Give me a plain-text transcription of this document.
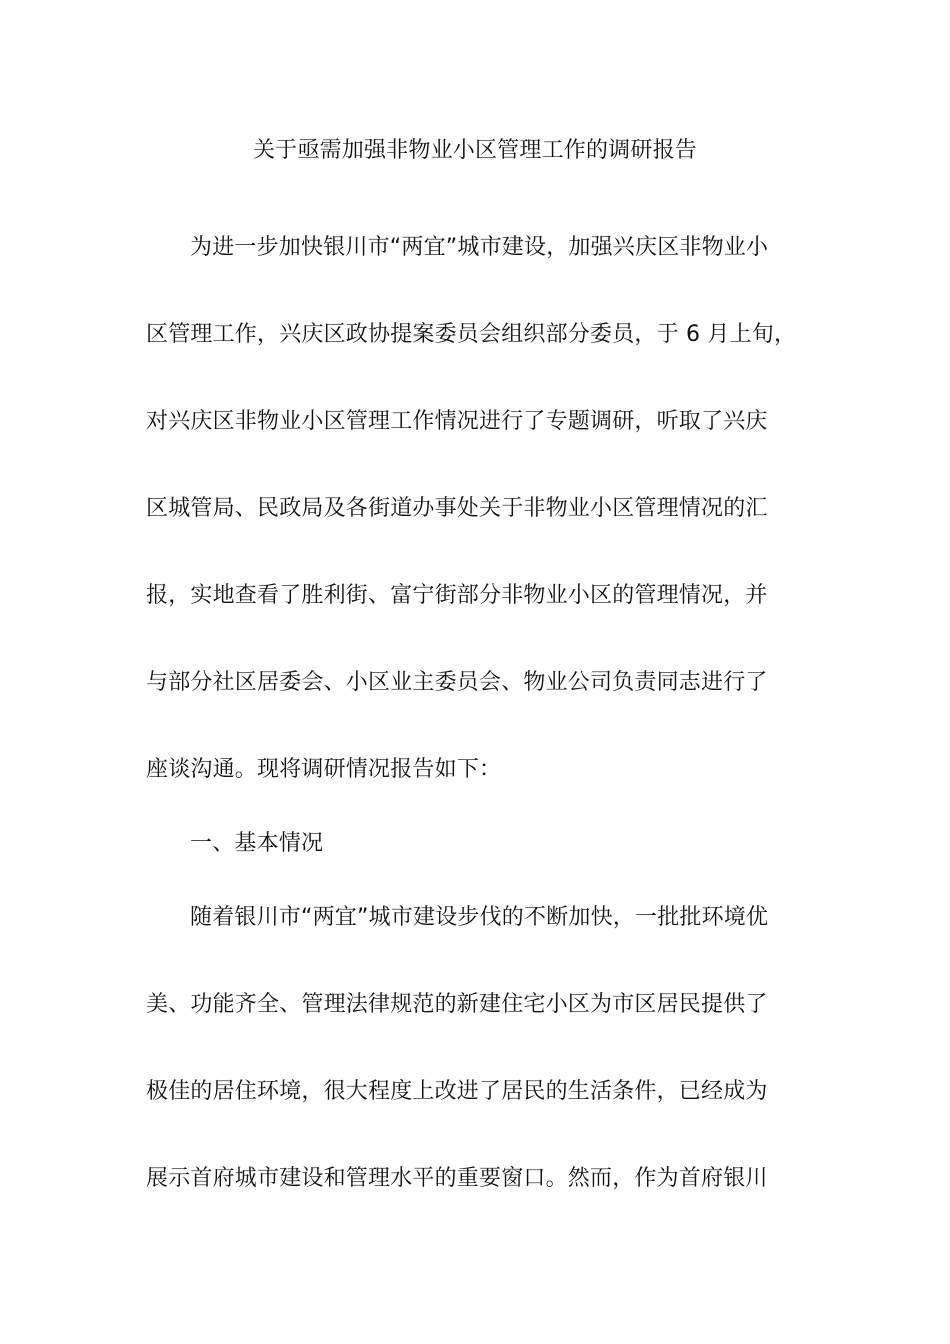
关于亟需加强非物业小区管理工作的调研报告
为进一步加快银川市“两宜”城市建设，加强兴庆区非物业小
区管理工作，兴庆区政协提案委员会组织部分委员，于 6 月上旬，
对兴庆区非物业小区管理工作情况进行了专题调研，听取了兴庆
区城管局、民政局及各街道办事处关于非物业小区管理情况的汇
报，实地查看了胜利街、富宁街部分非物业小区的管理情况，并
与部分社区居委会、小区业主委员会、物业公司负责同志进行了
座谈沟通。现将调研情况报告如下：
一、基本情况
随着银川市“两宜”城市建设步伐的不断加快，一批批环境优
美、功能齐全、管理法律规范的新建住宅小区为市区居民提供了
极佳的居住环境，很大程度上改进了居民的生活条件，已经成为
展示首府城市建设和管理水平的重要窗口。然而，作为首府银川
